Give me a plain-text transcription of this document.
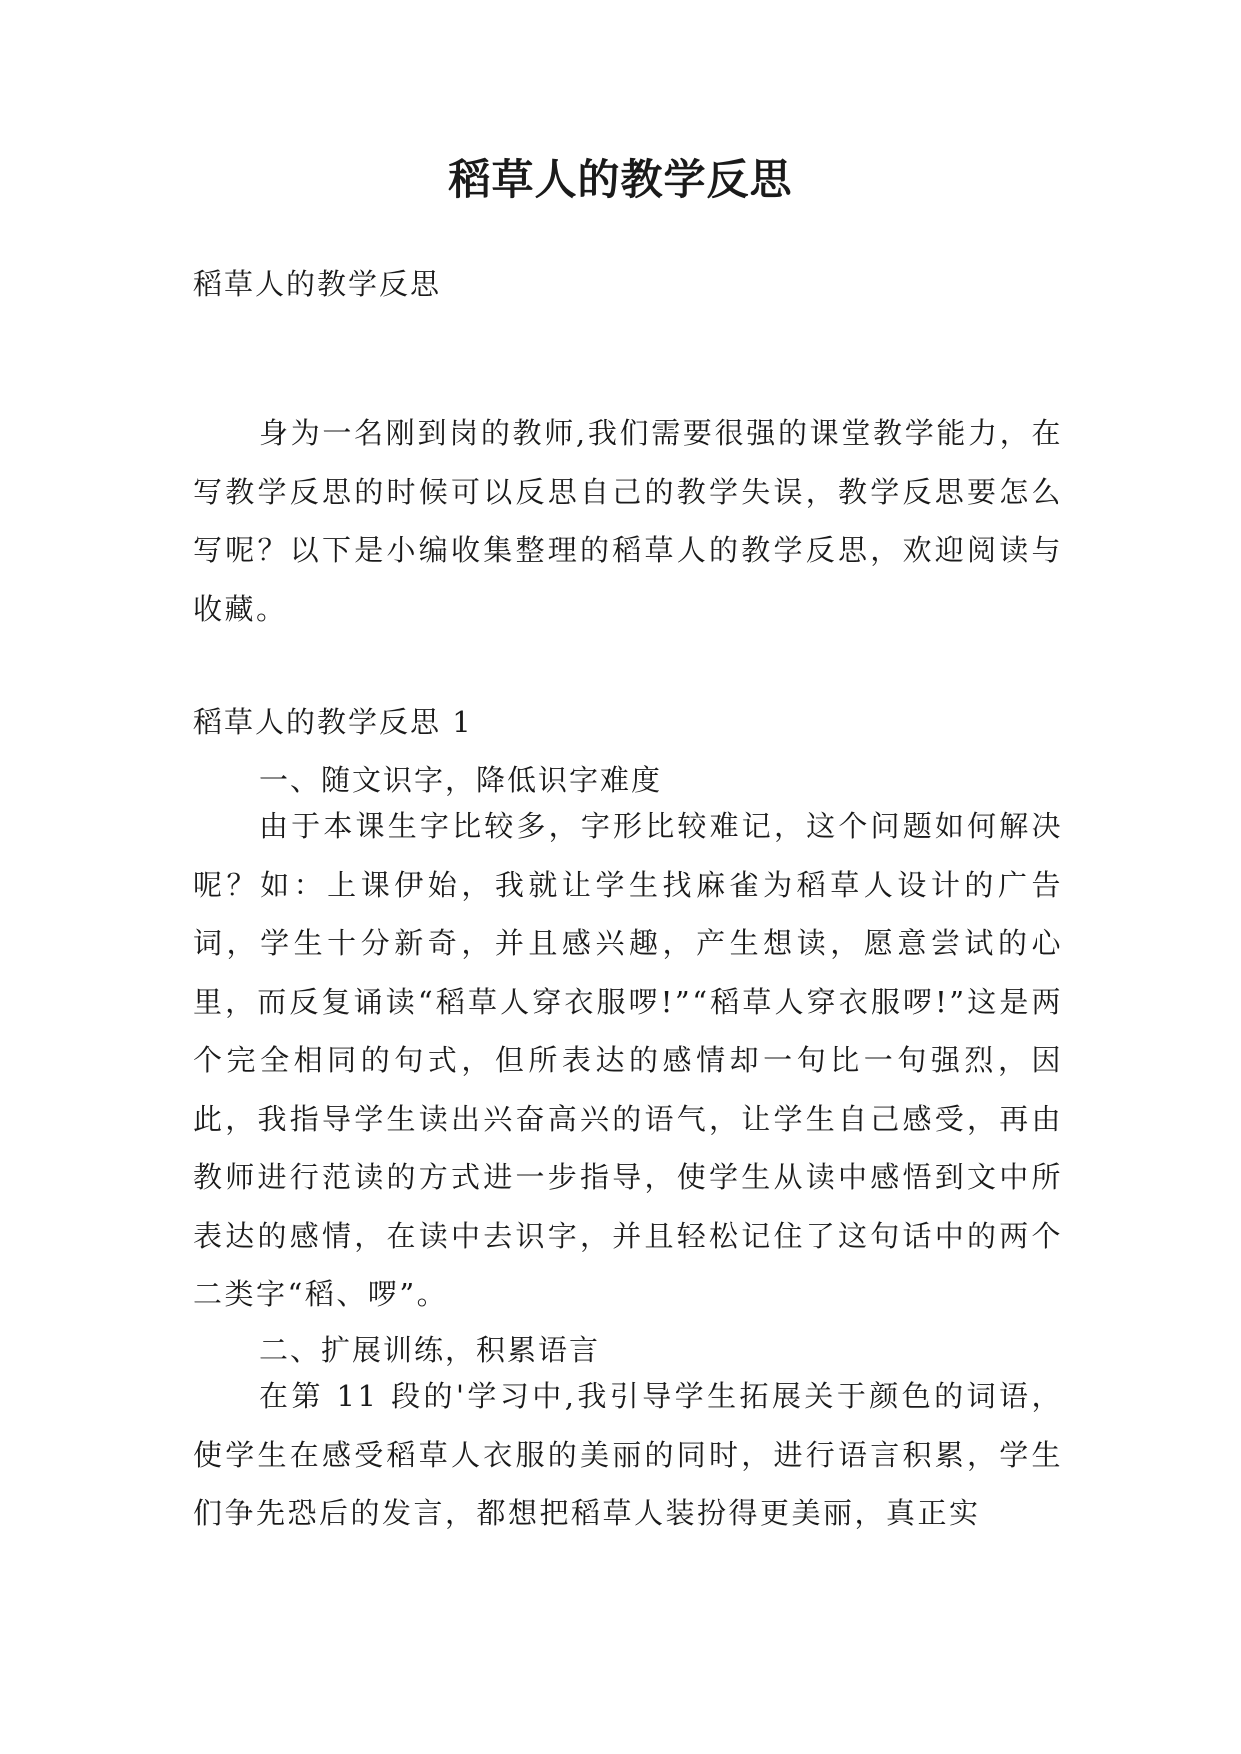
稻草人的教学反思

稻草人的教学反思

身为一名刚到岗的教师,我们需要很强的课堂教学能力，在写教学反思的时候可以反思自己的教学失误，教学反思要怎么写呢？以下是小编收集整理的稻草人的教学反思，欢迎阅读与收藏。

稻草人的教学反思 1

一、随文识字，降低识字难度

由于本课生字比较多，字形比较难记，这个问题如何解决呢？如：上课伊始，我就让学生找麻雀为稻草人设计的广告词，学生十分新奇，并且感兴趣，产生想读，愿意尝试的心里，而反复诵读“稻草人穿衣服啰!”“稻草人穿衣服啰!”这是两个完全相同的句式，但所表达的感情却一句比一句强烈，因此，我指导学生读出兴奋高兴的语气，让学生自己感受，再由教师进行范读的方式进一步指导，使学生从读中感悟到文中所表达的感情，在读中去识字，并且轻松记住了这句话中的两个二类字“稻、啰”。

二、扩展训练，积累语言

在第 11 段的'学习中,我引导学生拓展关于颜色的词语，使学生在感受稻草人衣服的美丽的同时，进行语言积累，学生们争先恐后的发言，都想把稻草人装扮得更美丽，真正实
